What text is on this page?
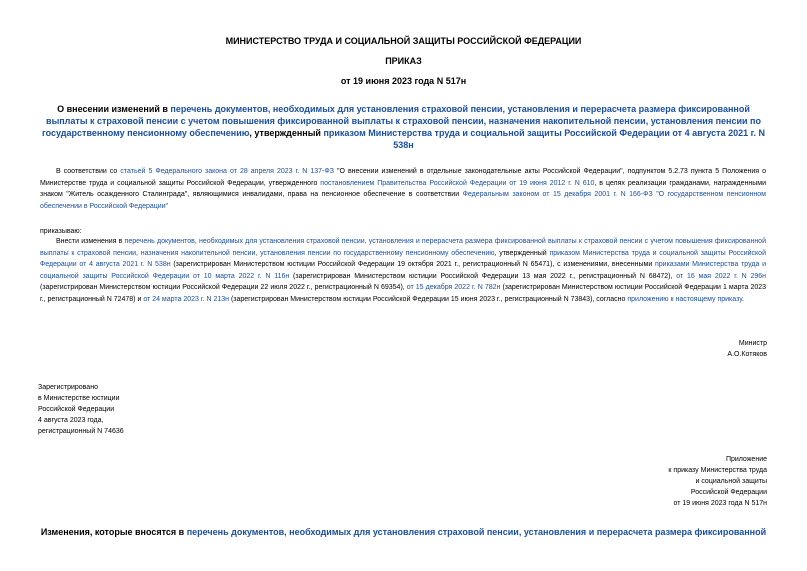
МИНИСТЕРСТВО ТРУДА И СОЦИАЛЬНОЙ ЗАЩИТЫ РОССИЙСКОЙ ФЕДЕРАЦИИ
ПРИКАЗ
от 19 июня 2023 года N 517н
О внесении изменений в перечень документов, необходимых для установления страховой пенсии, установления и перерасчета размера фиксированной выплаты к страховой пенсии с учетом повышения фиксированной выплаты к страховой пенсии, назначения накопительной пенсии, установления пенсии по государственному пенсионному обеспечению, утвержденный приказом Министерства труда и социальной защиты Российской Федерации от 4 августа 2021 г. N 538н
В соответствии со статьей 5 Федерального закона от 28 апреля 2023 г. N 137-ФЗ "О внесении изменений в отдельные законодательные акты Российской Федерации", подпунктом 5.2.73 пункта 5 Положения о Министерстве труда и социальной защиты Российской Федерации, утвержденного постановлением Правительства Российской Федерации от 19 июня 2012 г. N 610, в целях реализации гражданами, награжденными знаком "Житель осажденного Сталинграда", являющимися инвалидами, права на пенсионное обеспечение в соответствии Федеральным законом от 15 декабря 2001 г. N 166-ФЗ "О государственном пенсионном обеспечении в Российской Федерации"
приказываю:
Внести изменения в перечень документов, необходимых для установления страховой пенсии, установления и перерасчета размера фиксированной выплаты к страховой пенсии с учетом повышения фиксированной выплаты к страховой пенсии, назначения накопительной пенсии, установления пенсии по государственному пенсионному обеспечению, утвержденный приказом Министерства труда и социальной защиты Российской Федерации от 4 августа 2021 г. N 538н (зарегистрирован Министерством юстиции Российской Федерации 19 октября 2021 г., регистрационный N 65471), с изменениями, внесенными приказами Министерства труда и социальной защиты Российской Федерации от 10 марта 2022 г. N 116н (зарегистрирован Министерством юстиции Российской Федерации 13 мая 2022 г., регистрационный N 68472), от 16 мая 2022 г. N 296н (зарегистрирован Министерством юстиции Российской Федерации 22 июля 2022 г., регистрационный N 69354), от 15 декабря 2022 г. N 782н (зарегистрирован Министерством юстиции Российской Федерации 1 марта 2023 г., регистрационный N 72478) и от 24 марта 2023 г. N 213н (зарегистрирован Министерством юстиции Российской Федерации 15 июня 2023 г., регистрационный N 73843), согласно приложению к настоящему приказу.
Министр
А.О.Котяков
Зарегистрировано
в Министерстве юстиции
Российской Федерации
4 августа 2023 года,
регистрационный N 74636
Приложение
к приказу Министерства труда
и социальной защиты
Российской Федерации
от 19 июня 2023 года N 517н
Изменения, которые вносятся в перечень документов, необходимых для установления страховой пенсии, установления и перерасчета размера фиксированной
